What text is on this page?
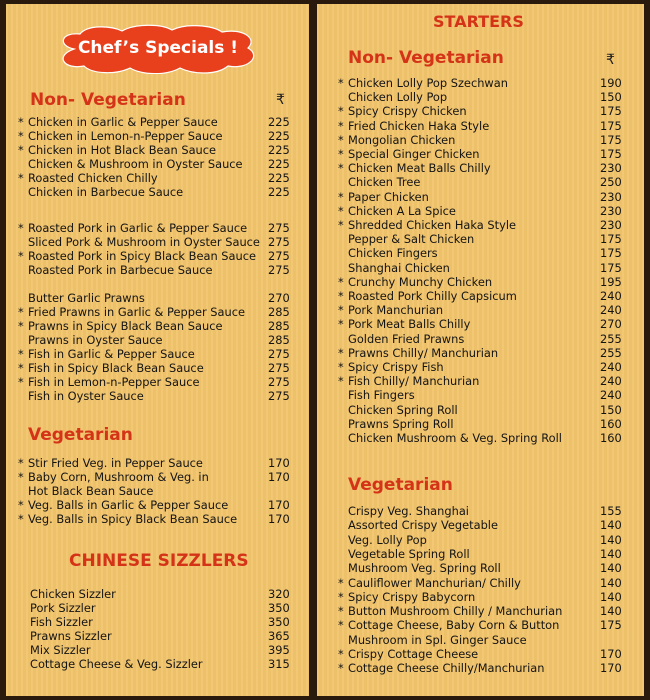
Chef’s Specials !
Non- Vegetarian	₹
* Chicken in Garlic & Pepper Sauce	225
* Chicken in Lemon-n-Pepper Sauce	225
* Chicken in Hot Black Bean Sauce	225
Chicken & Mushroom in Oyster Sauce 225
* Roasted Chicken Chilly	225
Chicken in Barbecue Sauce	225
* Roasted Pork in Garlic & Pepper Sauce 275
Sliced Pork & Mushroom in Oyster Sauce 275
* Roasted Pork in Spicy Black Bean Sauce 275
Roasted Pork in Barbecue Sauce	275
Butter Garlic Prawns	270
* Fried Prawns in Garlic & Pepper Sauce 285
* Prawns in Spicy Black Bean Sauce	285
Prawns in Oyster Sauce	285
* Fish in Garlic & Pepper Sauce	275
* Fish in Spicy Black Bean Sauce	275
* Fish in Lemon-n-Pepper Sauce	275
Fish in Oyster Sauce	275
Vegetarian
* Stir Fried Veg. in Pepper Sauce	170
* Baby Corn, Mushroom & Veg. in	170
Hot Black Bean Sauce
* Veg. Balls in Garlic & Pepper Sauce	170
* Veg. Balls in Spicy Black Bean Sauce	170
CHINESE SIZZLERS
Chicken Sizzler	320
Pork Sizzler	350
Fish Sizzler	350
Prawns Sizzler	365
Mix Sizzler	395
Cottage Cheese & Veg. Sizzler	315
STARTERS
Non- Vegetarian	₹
* Chicken Lolly Pop Szechwan	190
Chicken Lolly Pop	150
* Spicy Crispy Chicken	175
* Fried Chicken Haka Style	175
* Mongolian Chicken	175
* Special Ginger Chicken	175
* Chicken Meat Balls Chilly	230
Chicken Tree	250
* Paper Chicken	230
* Chicken A La Spice	230
* Shredded Chicken Haka Style	230
Pepper & Salt Chicken	175
Chicken Fingers	175
Shanghai Chicken	175
* Crunchy Munchy Chicken	195
* Roasted Pork Chilly Capsicum	240
* Pork Manchurian	240
* Pork Meat Balls Chilly	270
Golden Fried Prawns	255
* Prawns Chilly/ Manchurian	255
* Spicy Crispy Fish	240
* Fish Chilly/ Manchurian	240
Fish Fingers	240
Chicken Spring Roll	150
Prawns Spring Roll	160
Chicken Mushroom & Veg. Spring Roll	160
Vegetarian
Crispy Veg. Shanghai	155
Assorted Crispy Vegetable	140
Veg. Lolly Pop	140
Vegetable Spring Roll	140
Mushroom Veg. Spring Roll	140
* Cauliflower Manchurian/ Chilly	140
* Spicy Crispy Babycorn	140
* Button Mushroom Chilly / Manchurian	140
* Cottage Cheese, Baby Corn & Button	175
Mushroom in Spl. Ginger Sauce
* Crispy Cottage Cheese	170
* Cottage Cheese Chilly/Manchurian	170
